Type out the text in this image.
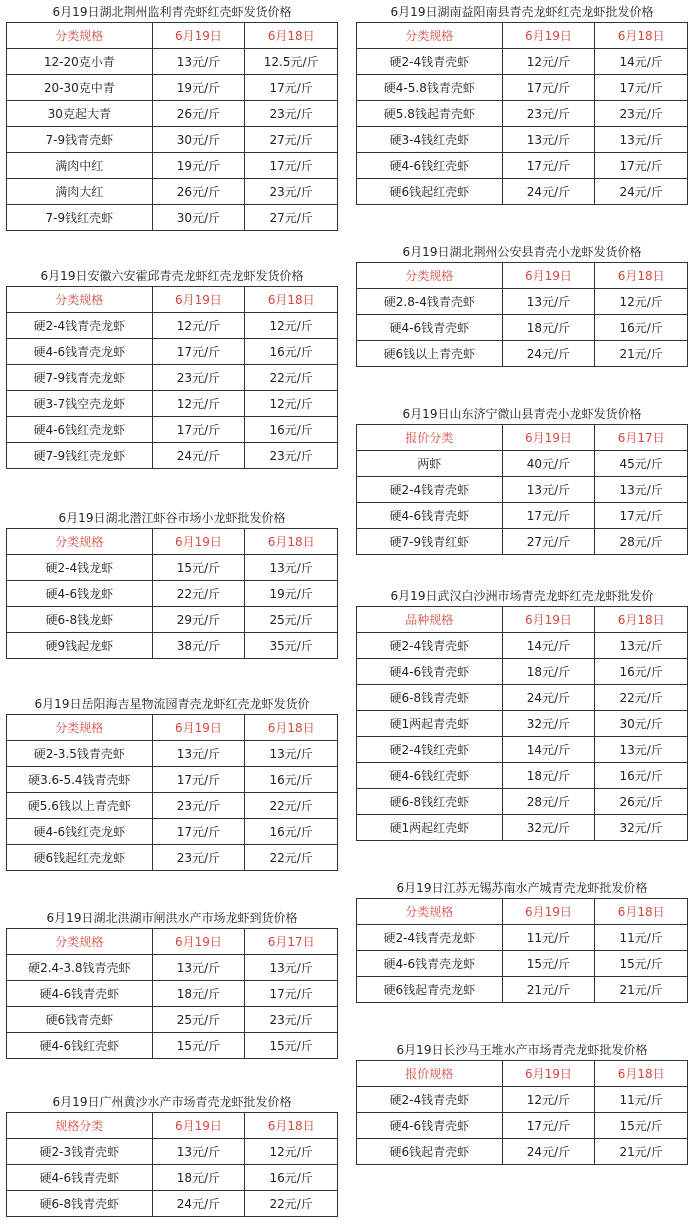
6月19日湖北荆州监利青壳虾红壳虾发货价格
分类规格	6月19日	6月18日
12-20克小青	13元/斤	12.5元/斤
20-30克中青	19元/斤	17元/斤
30克起大青	26元/斤	23元/斤
7-9钱青壳虾	30元/斤	27元/斤
满肉中红	19元/斤	17元/斤
满肉大红	26元/斤	23元/斤
7-9钱红壳虾	30元/斤	27元/斤
6月19日安徽六安霍邱青壳龙虾红壳龙虾发货价格
分类规格	6月19日	6月18日
硬2-4钱青壳龙虾	12元/斤	12元/斤
硬4-6钱青壳龙虾	17元/斤	16元/斤
硬7-9钱青壳龙虾	23元/斤	22元/斤
硬3-7钱空壳龙虾	12元/斤	12元/斤
硬4-6钱红壳龙虾	17元/斤	16元/斤
硬7-9钱红壳龙虾	24元/斤	23元/斤
6月19日湖北潜江虾谷市场小龙虾批发价格
分类规格	6月19日	6月18日
硬2-4钱龙虾	15元/斤	13元/斤
硬4-6钱龙虾	22元/斤	19元/斤
硬6-8钱龙虾	29元/斤	25元/斤
硬9钱起龙虾	38元/斤	35元/斤
6月19日岳阳海吉星物流园青壳龙虾红壳龙虾发货价
分类规格	6月19日	6月18日
硬2-3.5钱青壳虾	13元/斤	13元/斤
硬3.6-5.4钱青壳虾	17元/斤	16元/斤
硬5.6钱以上青壳虾	23元/斤	22元/斤
硬4-6钱红壳龙虾	17元/斤	16元/斤
硬6钱起红壳龙虾	23元/斤	22元/斤
6月19日湖北洪湖市闸洪水产市场龙虾到货价格
分类规格	6月19日	6月17日
硬2.4-3.8钱青壳虾	13元/斤	13元/斤
硬4-6钱青壳虾	18元/斤	17元/斤
硬6钱青壳虾	25元/斤	23元/斤
硬4-6钱红壳虾	15元/斤	15元/斤
6月19日广州黄沙水产市场青壳龙虾批发价格
规格分类	6月19日	6月18日
硬2-3钱青壳虾	13元/斤	12元/斤
硬4-6钱青壳虾	18元/斤	16元/斤
硬6-8钱青壳虾	24元/斤	22元/斤
6月19日湖南益阳南县青壳龙虾红壳龙虾批发价格
分类规格	6月19日	6月18日
硬2-4钱青壳虾	12元/斤	14元/斤
硬4-5.8钱青壳虾	17元/斤	17元/斤
硬5.8钱起青壳虾	23元/斤	23元/斤
硬3-4钱红壳虾	13元/斤	13元/斤
硬4-6钱红壳虾	17元/斤	17元/斤
硬6钱起红壳虾	24元/斤	24元/斤
6月19日湖北荆州公安县青壳小龙虾发货价格
分类规格	6月19日	6月18日
硬2.8-4钱青壳虾	13元/斤	12元/斤
硬4-6钱青壳虾	18元/斤	16元/斤
硬6钱以上青壳虾	24元/斤	21元/斤
6月19日山东济宁微山县青壳小龙虾发货价格
报价分类	6月19日	6月17日
两虾	40元/斤	45元/斤
硬2-4钱青壳虾	13元/斤	13元/斤
硬4-6钱青壳虾	17元/斤	17元/斤
硬7-9钱青红虾	27元/斤	28元/斤
6月19日武汉白沙洲市场青壳龙虾红壳龙虾批发价
品种规格	6月19日	6月18日
硬2-4钱青壳虾	14元/斤	13元/斤
硬4-6钱青壳虾	18元/斤	16元/斤
硬6-8钱青壳虾	24元/斤	22元/斤
硬1两起青壳虾	32元/斤	30元/斤
硬2-4钱红壳虾	14元/斤	13元/斤
硬4-6钱红壳虾	18元/斤	16元/斤
硬6-8钱红壳虾	28元/斤	26元/斤
硬1两起红壳虾	32元/斤	32元/斤
6月19日江苏无锡苏南水产城青壳龙虾批发价格
分类规格	6月19日	6月18日
硬2-4钱青壳龙虾	11元/斤	11元/斤
硬4-6钱青壳龙虾	15元/斤	15元/斤
硬6钱起青壳龙虾	21元/斤	21元/斤
6月19日长沙马王堆水产市场青壳龙虾批发价格
报价规格	6月19日	6月18日
硬2-4钱青壳虾	12元/斤	11元/斤
硬4-6钱青壳虾	17元/斤	15元/斤
硬6钱起青壳虾	24元/斤	21元/斤
